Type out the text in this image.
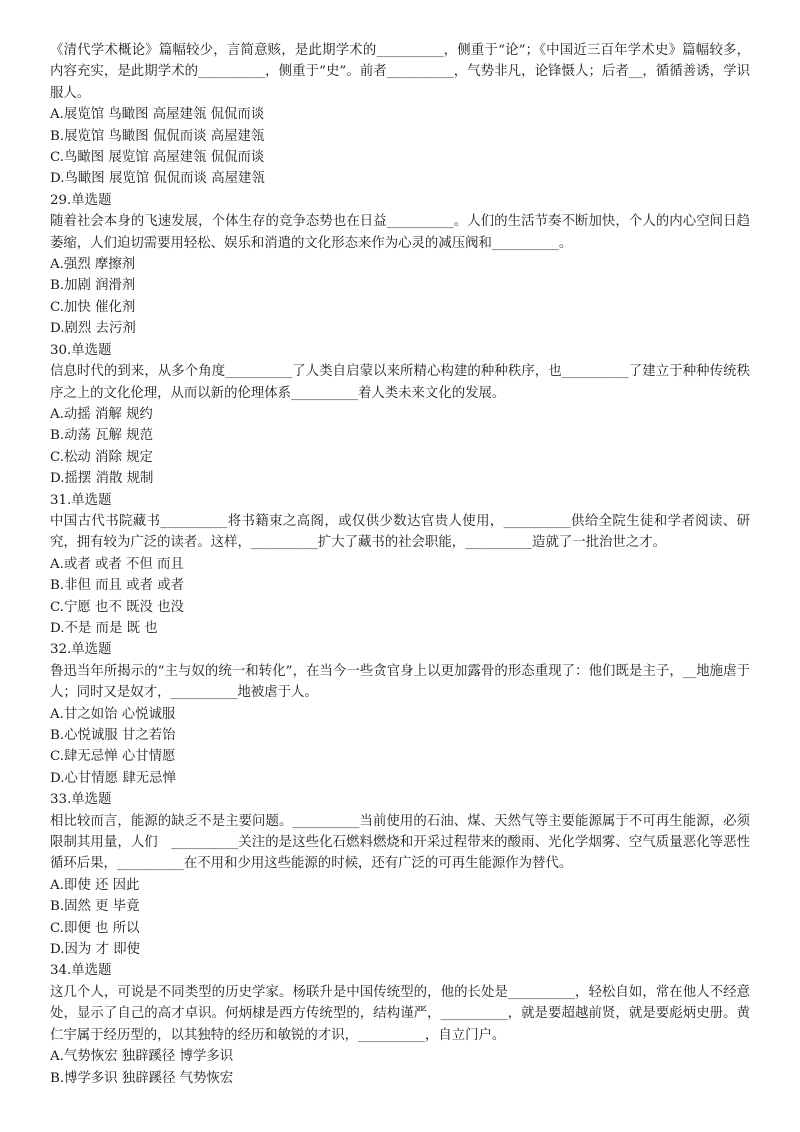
《清代学术概论》篇幅较少，言简意赅，是此期学术的__________，侧重于“论”；《中国近三百年学术史》篇幅较多，内容充实，是此期学术的__________，侧重于“史”。前者__________，气势非凡，论锋慑人；后者__，循循善诱，学识服人。

A.展览馆 鸟瞰图 高屋建瓴 侃侃而谈

B.展览馆 鸟瞰图 侃侃而谈 高屋建瓴

C.鸟瞰图 展览馆 高屋建瓴 侃侃而谈

D.鸟瞰图 展览馆 侃侃而谈 高屋建瓴

29.单选题

随着社会本身的飞速发展，个体生存的竞争态势也在日益__________。人们的生活节奏不断加快，个人的内心空间日趋萎缩，人们迫切需要用轻松、娱乐和消遣的文化形态来作为心灵的减压阀和__________。

A.强烈 摩擦剂

B.加剧 润滑剂

C.加快 催化剂

D.剧烈 去污剂

30.单选题

信息时代的到来，从多个角度__________了人类自启蒙以来所精心构建的种种秩序，也__________了建立于种种传统秩序之上的文化伦理，从而以新的伦理体系__________着人类未来文化的发展。

A.动摇 消解 规约

B.动荡 瓦解 规范

C.松动 消除 规定

D.摇摆 消散 规制

31.单选题

中国古代书院藏书__________将书籍束之高阁，或仅供少数达官贵人使用，__________供给全院生徒和学者阅读、研究，拥有较为广泛的读者。这样，__________扩大了藏书的社会职能，__________造就了一批治世之才。

A.或者 或者 不但 而且

B.非但 而且 或者 或者

C.宁愿 也不 既没 也没

D.不是 而是 既 也

32.单选题

鲁迅当年所揭示的“主与奴的统一和转化”，在当今一些贪官身上以更加露骨的形态重现了：他们既是主子，__地施虐于人；同时又是奴才，__________地被虐于人。

A.甘之如饴 心悦诚服

B.心悦诚服 甘之若饴

C.肆无忌惮 心甘情愿

D.心甘情愿 肆无忌惮

33.单选题

相比较而言，能源的缺乏不是主要问题。__________当前使用的石油、煤、天然气等主要能源属于不可再生能源，必须限制其用量，人们　__________关注的是这些化石燃料燃烧和开采过程带来的酸雨、光化学烟雾、空气质量恶化等恶性循环后果，__________在不用和少用这些能源的时候，还有广泛的可再生能源作为替代。

A.即使 还 因此

B.固然 更 毕竟

C.即便 也 所以

D.因为 才 即使

34.单选题

这几个人，可说是不同类型的历史学家。杨联升是中国传统型的，他的长处是__________，轻松自如，常在他人不经意处，显示了自己的高才卓识。何炳棣是西方传统型的，结构谨严，__________，就是要超越前贤，就是要彪炳史册。黄仁宇属于经历型的，以其独特的经历和敏锐的才识，__________，自立门户。

A.气势恢宏 独辟蹊径 博学多识

B.博学多识 独辟蹊径 气势恢宏
